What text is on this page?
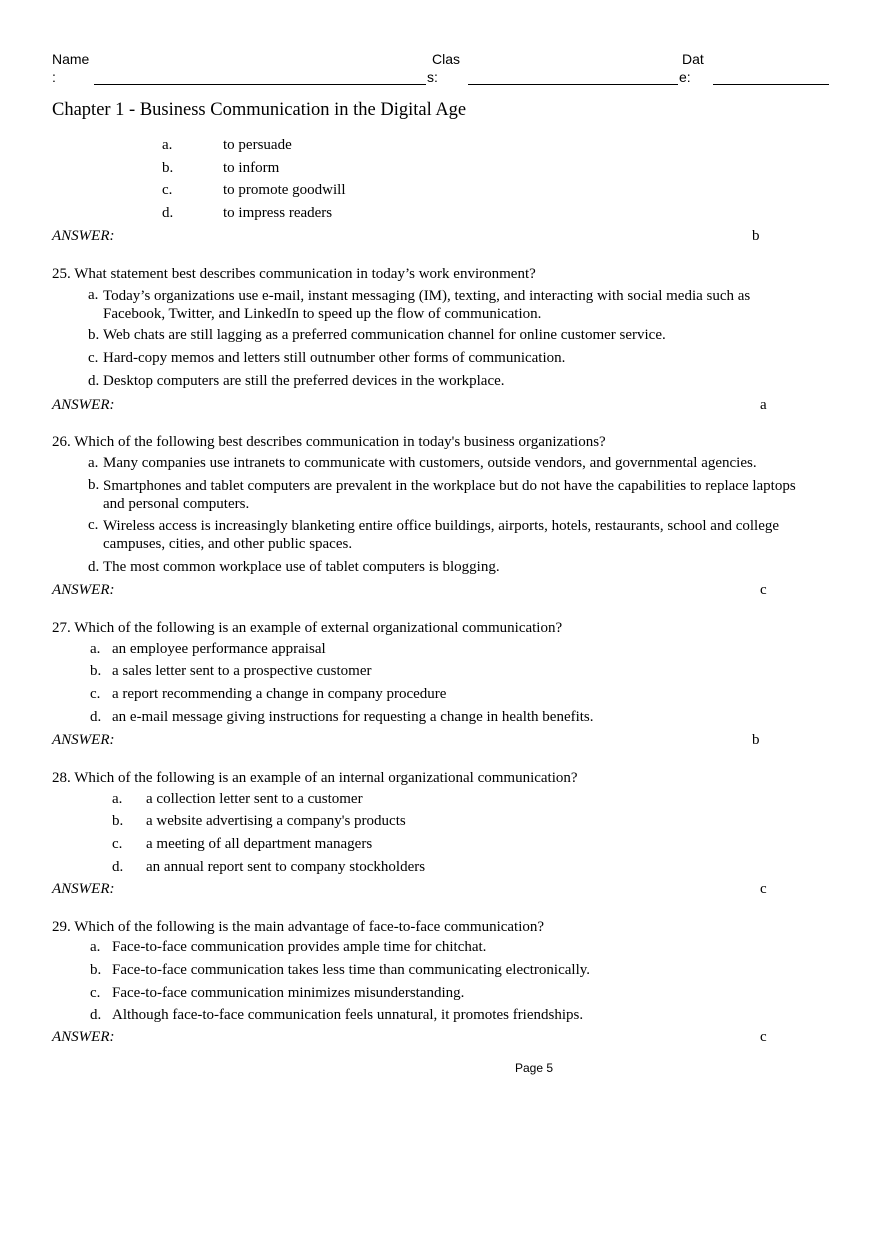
Name
:
Clas
s:
Dat
e:
Chapter 1 - Business Communication in the Digital Age
a.	to persuade
b.	to inform
c.	to promote goodwill
d.	to impress readers
ANSWER:	b
25. What statement best describes communication in today’s work environment?
a. Today’s organizations use e-mail, instant messaging (IM), texting, and interacting with social media such as Facebook, Twitter, and LinkedIn to speed up the flow of communication.
b. Web chats are still lagging as a preferred communication channel for online customer service.
c. Hard-copy memos and letters still outnumber other forms of communication.
d. Desktop computers are still the preferred devices in the workplace.
ANSWER:	a
26. Which of the following best describes communication in today's business organizations?
a. Many companies use intranets to communicate with customers, outside vendors, and governmental agencies.
b. Smartphones and tablet computers are prevalent in the workplace but do not have the capabilities to replace laptops and personal computers.
c. Wireless access is increasingly blanketing entire office buildings, airports, hotels, restaurants, school and college campuses, cities, and other public spaces.
d. The most common workplace use of tablet computers is blogging.
ANSWER:	c
27. Which of the following is an example of external organizational communication?
a. an employee performance appraisal
b. a sales letter sent to a prospective customer
c. a report recommending a change in company procedure
d. an e-mail message giving instructions for requesting a change in health benefits.
ANSWER:	b
28. Which of the following is an example of an internal organizational communication?
a. a collection letter sent to a customer
b. a website advertising a company's products
c. a meeting of all department managers
d. an annual report sent to company stockholders
ANSWER:	c
29. Which of the following is the main advantage of face-to-face communication?
a. Face-to-face communication provides ample time for chitchat.
b. Face-to-face communication takes less time than communicating electronically.
c. Face-to-face communication minimizes misunderstanding.
d. Although face-to-face communication feels unnatural, it promotes friendships.
ANSWER:	c
Page 5
